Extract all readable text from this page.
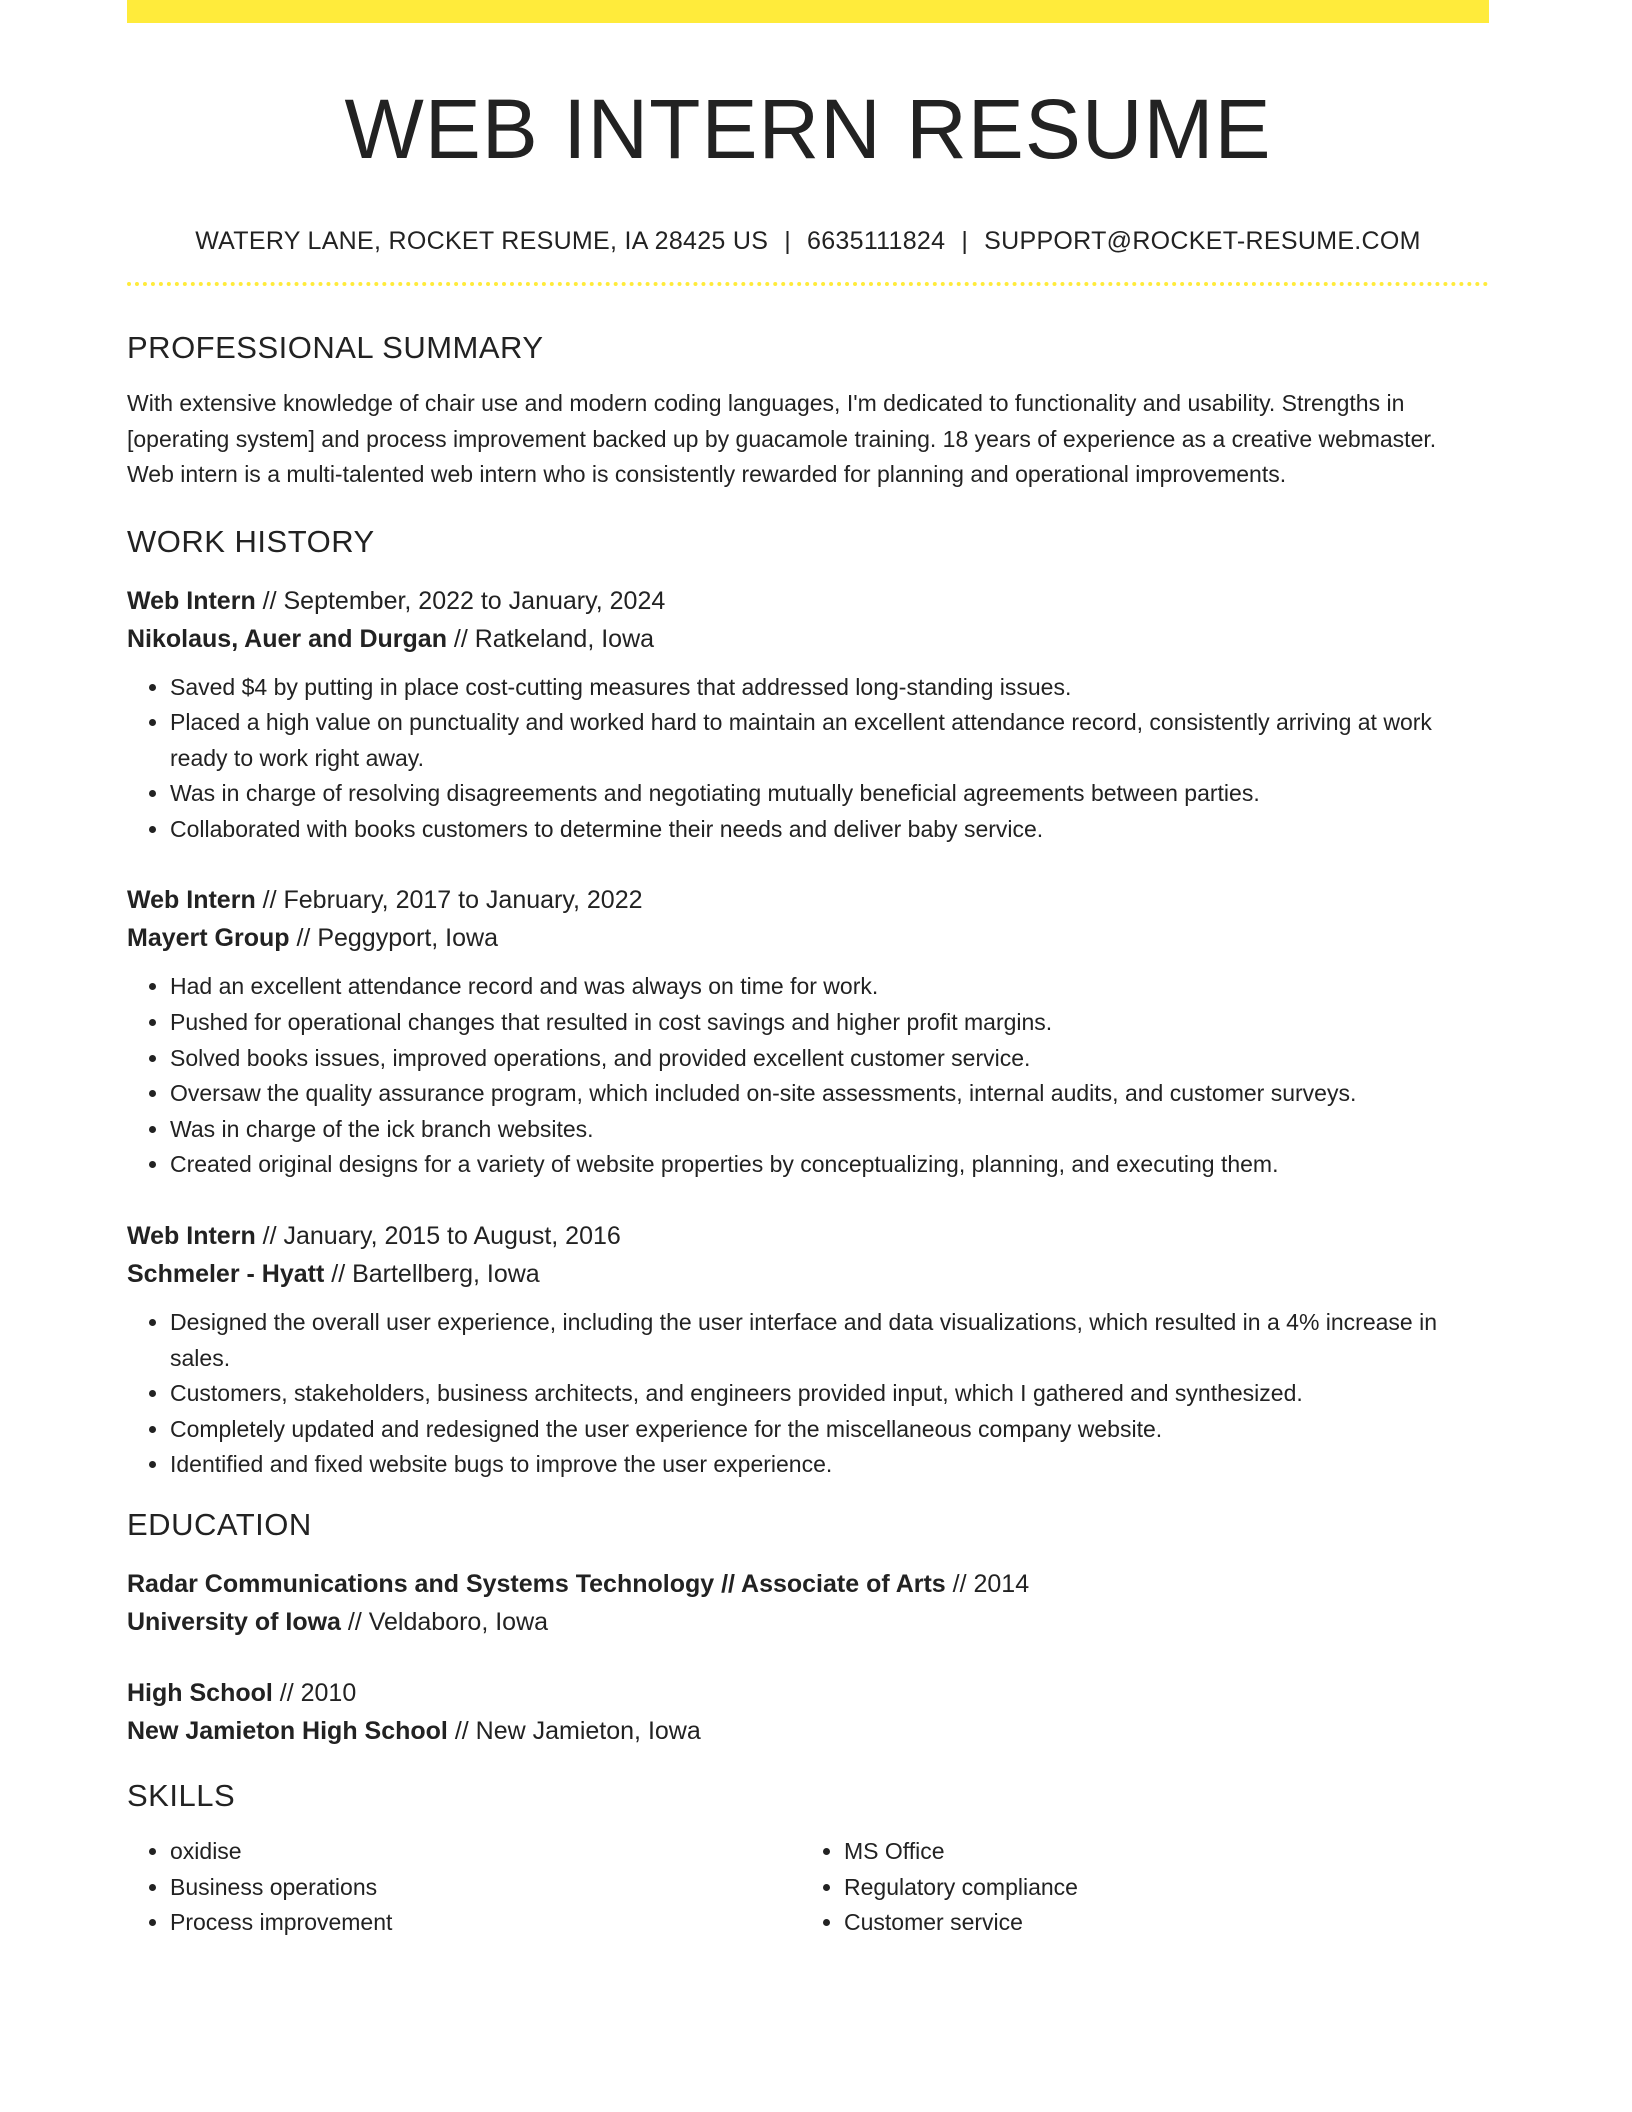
WEB INTERN RESUME
WATERY LANE, ROCKET RESUME, IA 28425 US | 6635111824 | SUPPORT@ROCKET-RESUME.COM
PROFESSIONAL SUMMARY

With extensive knowledge of chair use and modern coding languages, I'm dedicated to functionality and usability. Strengths in [operating system] and process improvement backed up by guacamole training. 18 years of experience as a creative webmaster. Web intern is a multi-talented web intern who is consistently rewarded for planning and operational improvements.

WORK HISTORY
Web Intern // September, 2022 to January, 2024
Nikolaus, Auer and Durgan // Ratkeland, Iowa
• Saved $4 by putting in place cost-cutting measures that addressed long-standing issues.
• Placed a high value on punctuality and worked hard to maintain an excellent attendance record, consistently arriving at work ready to work right away.
• Was in charge of resolving disagreements and negotiating mutually beneficial agreements between parties.
• Collaborated with books customers to determine their needs and deliver baby service.
Web Intern // February, 2017 to January, 2022
Mayert Group // Peggyport, Iowa
• Had an excellent attendance record and was always on time for work.
• Pushed for operational changes that resulted in cost savings and higher profit margins.
• Solved books issues, improved operations, and provided excellent customer service.
• Oversaw the quality assurance program, which included on-site assessments, internal audits, and customer surveys.
• Was in charge of the ick branch websites.
• Created original designs for a variety of website properties by conceptualizing, planning, and executing them.
Web Intern // January, 2015 to August, 2016
Schmeler - Hyatt // Bartellberg, Iowa
• Designed the overall user experience, including the user interface and data visualizations, which resulted in a 4% increase in sales.
• Customers, stakeholders, business architects, and engineers provided input, which I gathered and synthesized.
• Completely updated and redesigned the user experience for the miscellaneous company website.
• Identified and fixed website bugs to improve the user experience.
EDUCATION
Radar Communications and Systems Technology // Associate of Arts // 2014
University of Iowa // Veldaboro, Iowa
High School // 2010
New Jamieton High School // New Jamieton, Iowa
SKILLS
• oxidise
• Business operations
• Process improvement
• MS Office
• Regulatory compliance
• Customer service
